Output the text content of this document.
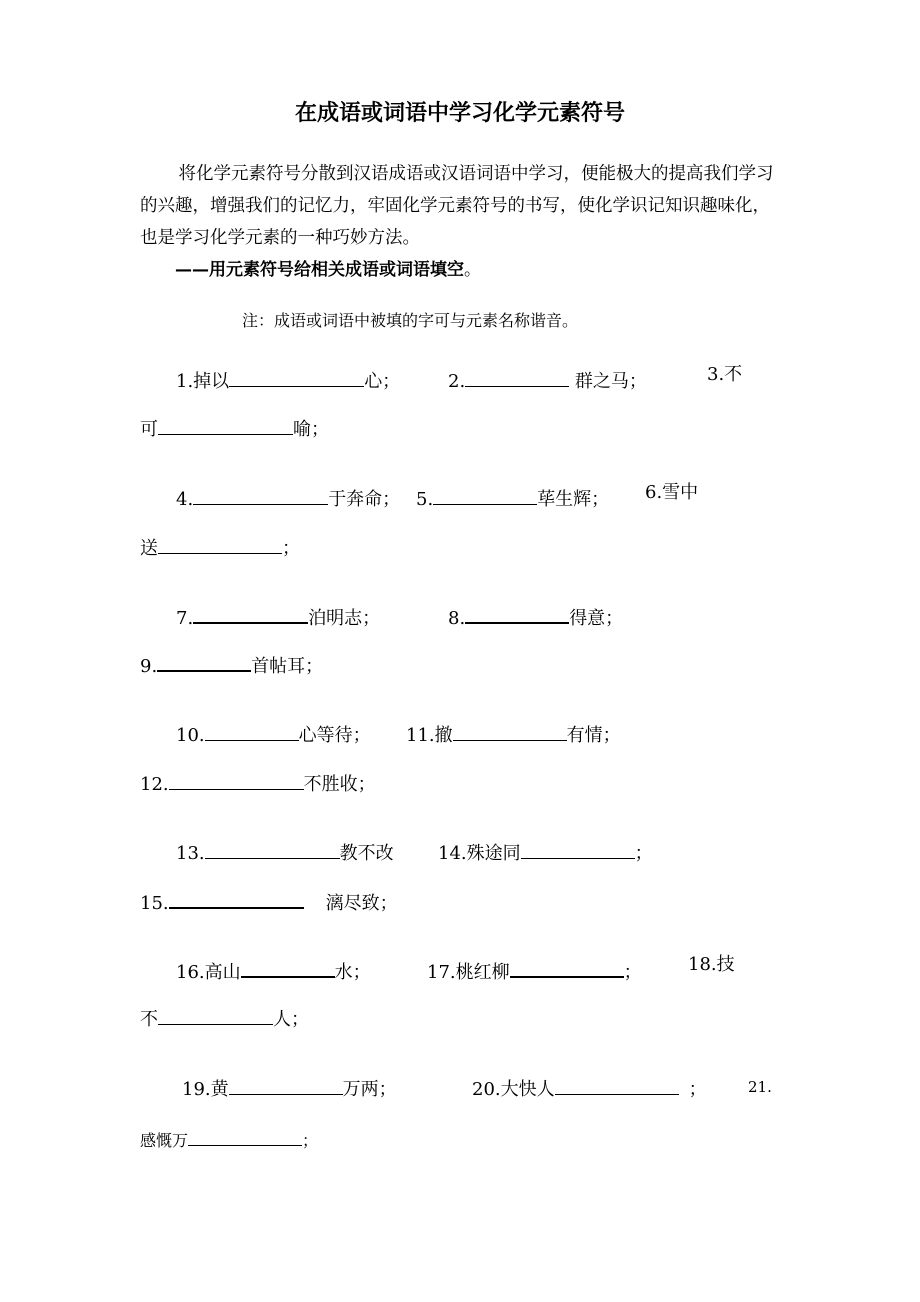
在成语或词语中学习化学元素符号

将化学元素符号分散到汉语成语或汉语词语中学习，便能极大的提高我们学习的兴趣，增强我们的记忆力，牢固化学元素符号的书写，使化学识记知识趣味化，也是学习化学元素的一种巧妙方法。

——用元素符号给相关成语或词语填空。
注：成语或词语中被填的字可与元素名称谐音。
1.掉以	心；	2.	群之马；	3.不
可	喻；
4.	于奔命； 5.	荜生辉； 6.雪中
送	；
7.	泊明志；	8.	得意；
9.	首帖耳；
10.	心等待； 11.撤	有情；
12.	不胜收；
13.	教不改 14.殊途同	；
15.	漓尽致；
16.高山	水；	17.桃红柳	；	18.技
不	人；
19.黄	万两；	20.大快人	；	21.
感慨万	；
